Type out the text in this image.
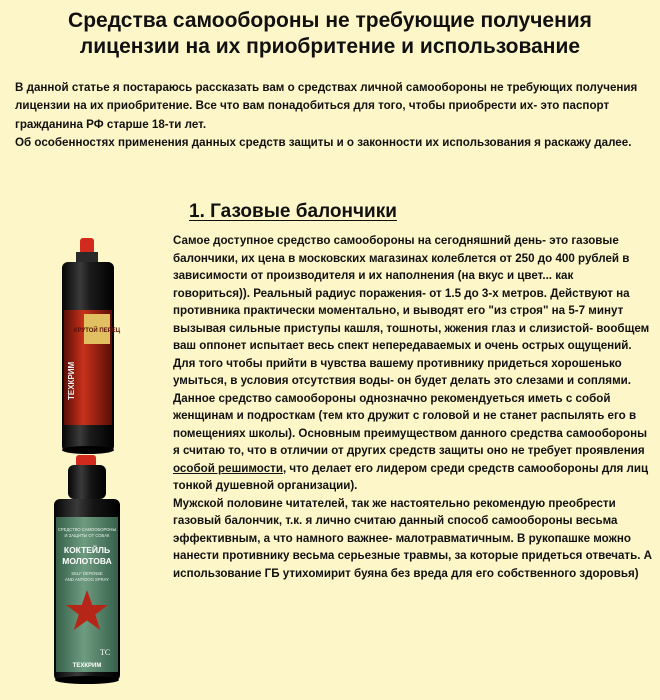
Средства самообороны не требующие получения
лицензии на их приобритение и использование

В данной статье я постараюсь рассказать вам о средствах личной самообороны не требующих получения лицензии на их приобритение. Все что вам понадобиться для того, чтобы приобрести их- это паспорт гражданина РФ старше 18-ти лет.

Об особенностях применения данных средств защиты и о законности их использования я раскажу далее.

1. Газовые балончики
КРУТОЙ ПЕРЕЦ
ТЕХКРИМ
СРЕДСТВО САМООБОРОНЫ
И ЗАЩИТЫ ОТ СОБАК
КОКТЕЙЛЬ
МОЛОТОВА
SELF DEFENSE
AND ANTIDOG SPRAY
TC
ТЕХКРИМ

Самое доступное средство самообороны на сегодняшний день- это газовые балончики, их цена в московских магазинах колеблется от 250 до 400 рублей в зависимости от производителя и их наполнения (на вкус и цвет... как говориться)). Реальный радиус поражения- от 1.5 до 3-х метров. Действуют на противника практически моментально, и выводят его "из строя" на 5-7 минут вызывая сильные приступы кашля, тошноты, жжения глаз и слизистой- вообщем ваш оппонет испытает весь спект непередаваемых и очень острых ощущений. Для того чтобы прийти в чувства вашему противнику придеться хорошенько умыться, в условия отсутствия воды- он будет делать это слезами и соплями.

Данное средство самообороны однозначно рекомендуеться иметь с собой женщинам и подросткам (тем кто дружит с головой и не станет распылять его в помещениях школы). Основным преимуществом данного средства самообороны я считаю то, что в отличии от других средств защиты оно не требует проявления особой решимости, что делает его лидером среди средств самообороны для лиц тонкой душевной организации).

Мужской половине читателей, так же настоятельно рекомендую преобрести газовый балончик, т.к. я лично считаю данный способ самообороны весьма эффективным, а что намного важнее- малотравматичным. В рукопашке можно нанести противнику весьма серьезные травмы, за которые придеться отвечать. А использование ГБ утихомирит буяна без вреда для его собственного здоровья)
